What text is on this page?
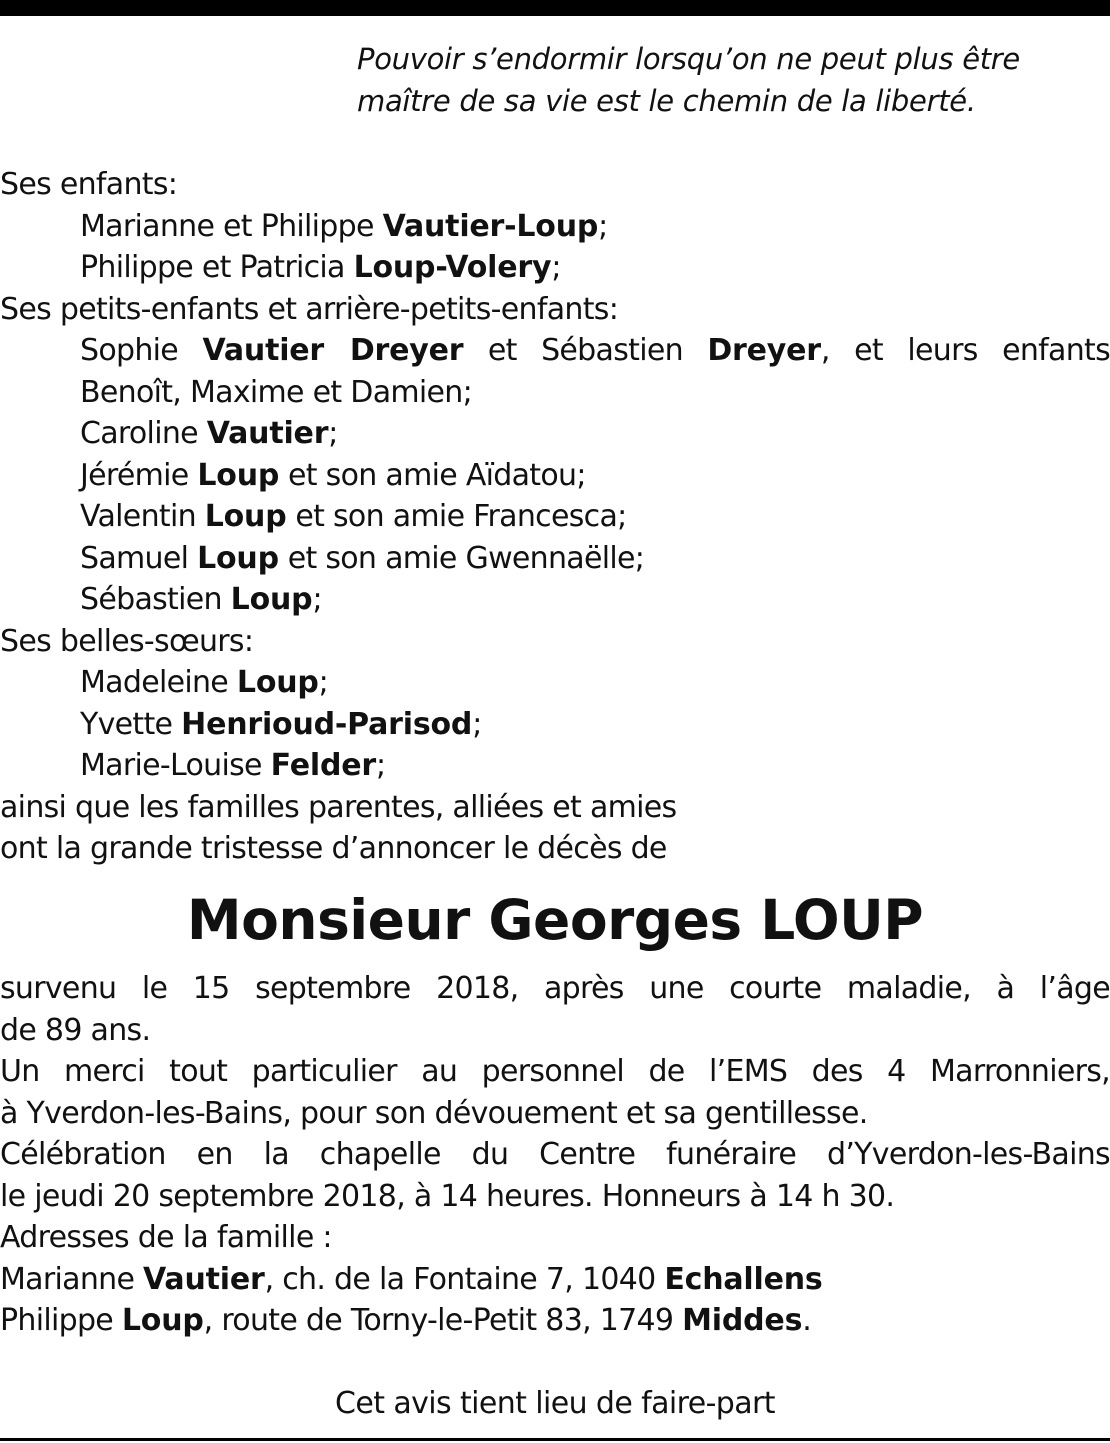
Pouvoir s’endormir lorsqu’on ne peut plus être
maître de sa vie est le chemin de la liberté.
Ses enfants:
Marianne et Philippe Vautier-Loup;
Philippe et Patricia Loup-Volery;
Ses petits-enfants et arrière-petits-enfants:
Sophie Vautier Dreyer et Sébastien Dreyer, et leurs enfants
Benoît, Maxime et Damien;
Caroline Vautier;
Jérémie Loup et son amie Aïdatou;
Valentin Loup et son amie Francesca;
Samuel Loup et son amie Gwennaëlle;
Sébastien Loup;
Ses belles-sœurs:
Madeleine Loup;
Yvette Henrioud-Parisod;
Marie-Louise Felder;
ainsi que les familles parentes, alliées et amies
ont la grande tristesse d’annoncer le décès de
Monsieur Georges LOUP
survenu le 15 septembre 2018, après une courte maladie, à l’âge
de 89 ans.
Un merci tout particulier au personnel de l’EMS des 4 Marronniers,
à Yverdon-les-Bains, pour son dévouement et sa gentillesse.
Célébration en la chapelle du Centre funéraire d’Yverdon-les-Bains
le jeudi 20 septembre 2018, à 14 heures. Honneurs à 14 h 30.
Adresses de la famille :
Marianne Vautier, ch. de la Fontaine 7, 1040 Echallens
Philippe Loup, route de Torny-le-Petit 83, 1749 Middes.
Cet avis tient lieu de faire-part
